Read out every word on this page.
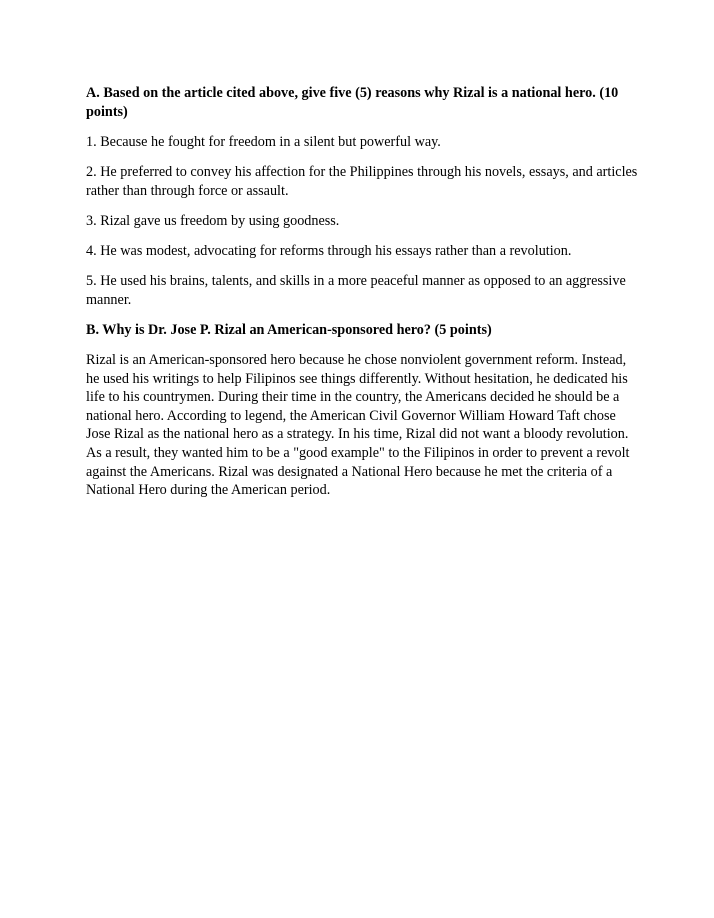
A. Based on the article cited above, give five (5) reasons why Rizal is a national hero. (10 points)

1. Because he fought for freedom in a silent but powerful way.

2. He preferred to convey his affection for the Philippines through his novels, essays, and articles rather than through force or assault.

3. Rizal gave us freedom by using goodness.

4. He was modest, advocating for reforms through his essays rather than a revolution.

5. He used his brains, talents, and skills in a more peaceful manner as opposed to an aggressive manner.

B. Why is Dr. Jose P. Rizal an American-sponsored hero? (5 points)

Rizal is an American-sponsored hero because he chose nonviolent government reform. Instead, he used his writings to help Filipinos see things differently. Without hesitation, he dedicated his life to his countrymen. During their time in the country, the Americans decided he should be a national hero. According to legend, the American Civil Governor William Howard Taft chose Jose Rizal as the national hero as a strategy. In his time, Rizal did not want a bloody revolution. As a result, they wanted him to be a "good example" to the Filipinos in order to prevent a revolt against the Americans. Rizal was designated a National Hero because he met the criteria of a National Hero during the American period.
